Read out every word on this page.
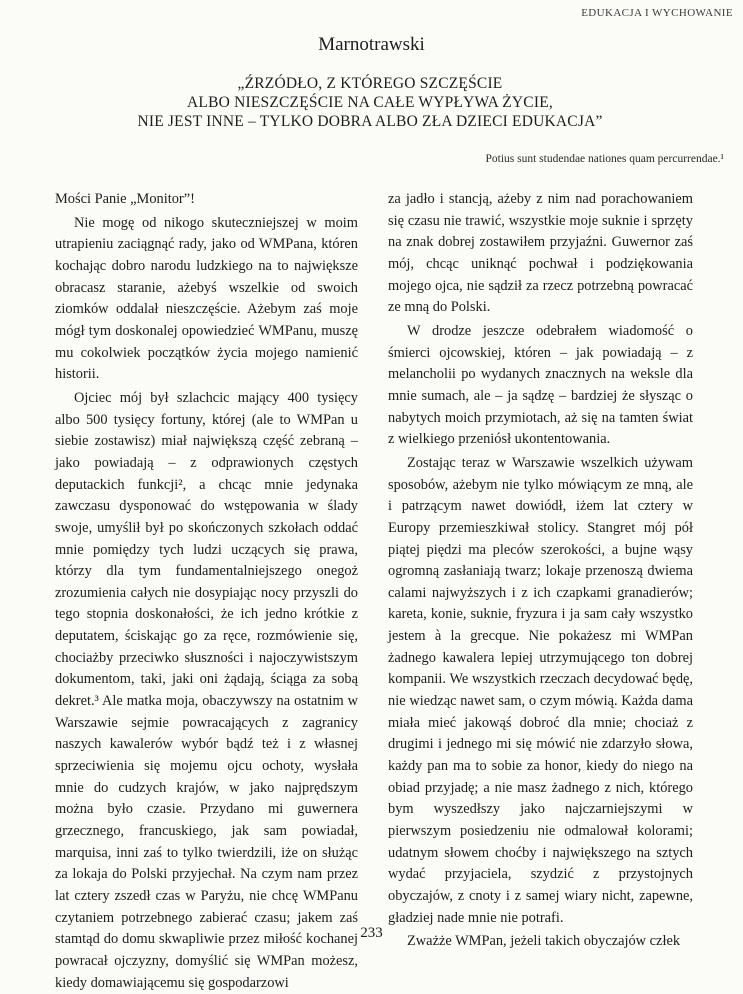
EDUKACJA I WYCHOWANIE
Marnotrawski
„ŹRZÓDŁO, Z KTÓREGO SZCZĘŚCIE
ALBO NIESZCZĘŚCIE NA CAŁE WYPŁYWA ŻYCIE,
NIE JEST INNE – TYLKO DOBRA ALBO ZŁA DZIECI EDUKACJA”
Potius sunt studendae nationes quam percurrendae.¹

Mości Panie „Monitor”!

Nie mogę od nikogo skuteczniejszej w moim utrapieniu zaciągnąć rady, jako od WMPana, któren kochając dobro narodu ludzkiego na to największe obracasz staranie, ażebyś wszelkie od swoich ziomków oddalał nieszczęście. Ażebym zaś moje mógł tym doskonalej opowiedzieć WMPanu, muszę mu cokolwiek początków życia mojego namienić historii.

Ojciec mój był szlachcic mający 400 tysięcy albo 500 tysięcy fortuny, której (ale to WMPan u siebie zostawisz) miał największą część zebraną – jako powiadają – z odprawionych częstych deputackich funkcji², a chcąc mnie jedynaka zawczasu dysponować do wstępowania w ślady swoje, umyślił był po skończonych szkołach oddać mnie pomiędzy tych ludzi uczących się prawa, którzy dla tym fundamentalniejszego onegoż zrozumienia całych nie dosypiając nocy przyszli do tego stopnia doskonałości, że ich jedno krótkie z deputatem, ściskając go za ręce, rozmówienie się, chociażby przeciwko słuszności i najoczywistszym dokumentom, taki, jaki oni żądają, ściąga za sobą dekret.³ Ale matka moja, obaczywszy na ostatnim w Warszawie sejmie powracających z zagranicy naszych kawalerów wybór bądź też i z własnej sprzeciwienia się mojemu ojcu ochoty, wysłała mnie do cudzych krajów, w jako najprędszym można było czasie. Przydano mi guwernera grzecznego, francuskiego, jak sam powiadał, marquisa, inni zaś to tylko twierdzili, iże on służąc za lokaja do Polski przyjechał. Na czym nam przez lat cztery zszedł czas w Paryżu, nie chcę WMPanu czytaniem potrzebnego zabierać czasu; jakem zaś stamtąd do domu skwapliwie przez miłość kochanej powracał ojczyzny, domyślić się WMPan możesz, kiedy domawiającemu się gospodarzowi

za jadło i stancją, ażeby z nim nad porachowaniem się czasu nie trawić, wszystkie moje suknie i sprzęty na znak dobrej zostawiłem przyjaźni. Guwernor zaś mój, chcąc uniknąć pochwał i podziękowania mojego ojca, nie sądził za rzecz potrzebną powracać ze mną do Polski.

W drodze jeszcze odebrałem wiadomość o śmierci ojcowskiej, któren – jak powiadają – z melancholii po wydanych znacznych na weksle dla mnie sumach, ale – ja sądzę – bardziej że słysząc o nabytych moich przymiotach, aż się na tamten świat z wielkiego przeniósł ukontentowania.

Zostając teraz w Warszawie wszelkich używam sposobów, ażebym nie tylko mówiącym ze mną, ale i patrzącym nawet dowiódł, iżem lat cztery w Europy przemieszkiwał stolicy. Stangret mój pół piątej piędzi ma pleców szerokości, a bujne wąsy ogromną zasłaniają twarz; lokaje przenoszą dwiema calami najwyższych i z ich czapkami granadierów; kareta, konie, suknie, fryzura i ja sam cały wszystko jestem à la grecque. Nie pokażesz mi WMPan żadnego kawalera lepiej utrzymującego ton dobrej kompanii. We wszystkich rzeczach decydować będę, nie wiedząc nawet sam, o czym mówią. Każda dama miała mieć jakowąś dobroć dla mnie; chociaż z drugimi i jednego mi się mówić nie zdarzyło słowa, każdy pan ma to sobie za honor, kiedy do niego na obiad przyjadę; a nie masz żadnego z nich, którego bym wyszedłszy jako najczarniejszymi w pierwszym posiedzeniu nie odmalował kolorami; udatnym słowem choćby i największego na sztych wydać przyjaciela, szydzić z przystojnych obyczajów, z cnoty i z samej wiary nicht, zapewne, gładziej nade mnie nie potrafi.

Zważże WMPan, jeżeli takich obyczajów człek

233
